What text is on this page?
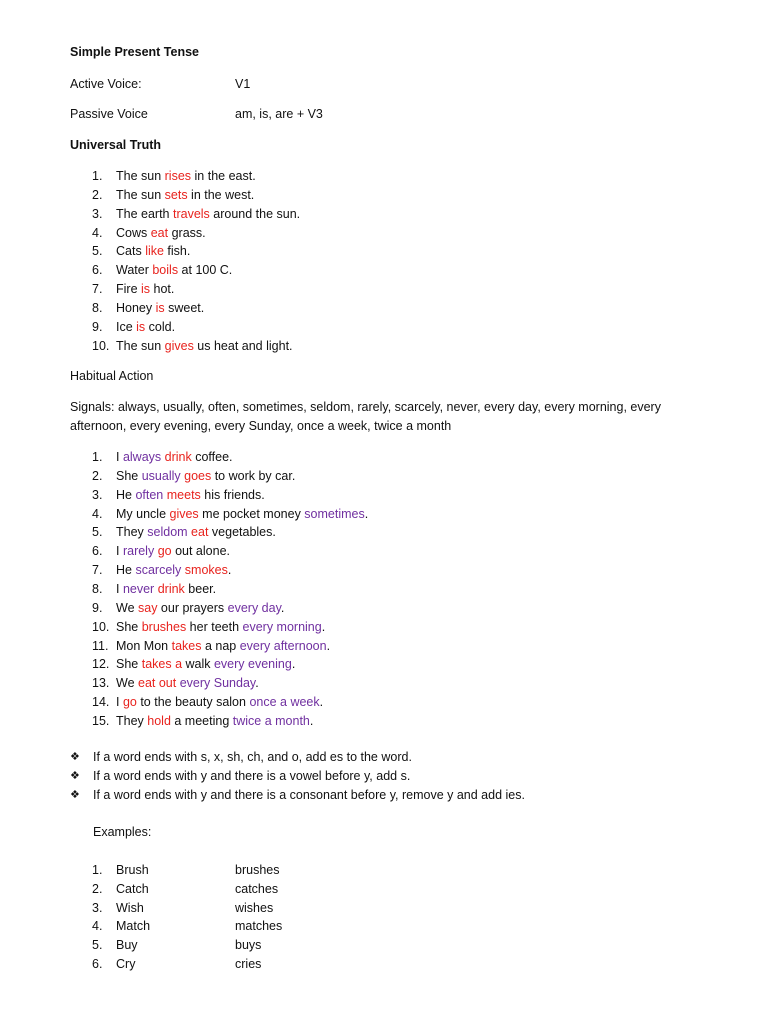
Simple Present Tense
Active Voice:	V1
Passive Voice	am, is, are + V3
Universal Truth
1.	The sun rises in the east.
2.	The sun sets in the west.
3.	The earth travels around the sun.
4.	Cows eat grass.
5.	Cats like fish.
6.	Water boils at 100 C.
7.	Fire is hot.
8.	Honey is sweet.
9.	Ice is cold.
10. The sun gives us heat and light.
Habitual Action
Signals: always, usually, often, sometimes, seldom, rarely, scarcely, never, every day, every morning, every
afternoon, every evening, every Sunday, once a week, twice a month
1.	I always drink coffee.
2.	She usually goes to work by car.
3.	He often meets his friends.
4.	My uncle gives me pocket money sometimes.
5.	They seldom eat vegetables.
6.	I rarely go out alone.
7.	He scarcely smokes.
8.	I never drink beer.
9.	We say our prayers every day.
10. She brushes her teeth every morning.
11. Mon Mon takes a nap every afternoon.
12. She takes a walk every evening.
13. We eat out every Sunday.
14. I go to the beauty salon once a week.
15. They hold a meeting twice a month.
❖	If a word ends with s, x, sh, ch, and o, add es to the word.
❖	If a word ends with y and there is a vowel before y, add s.
❖	If a word ends with y and there is a consonant before y, remove y and add ies.
Examples:
1.	Brush	brushes
2.	Catch	catches
3.	Wish	wishes
4.	Match	matches
5.	Buy	buys
6.	Cry	cries
